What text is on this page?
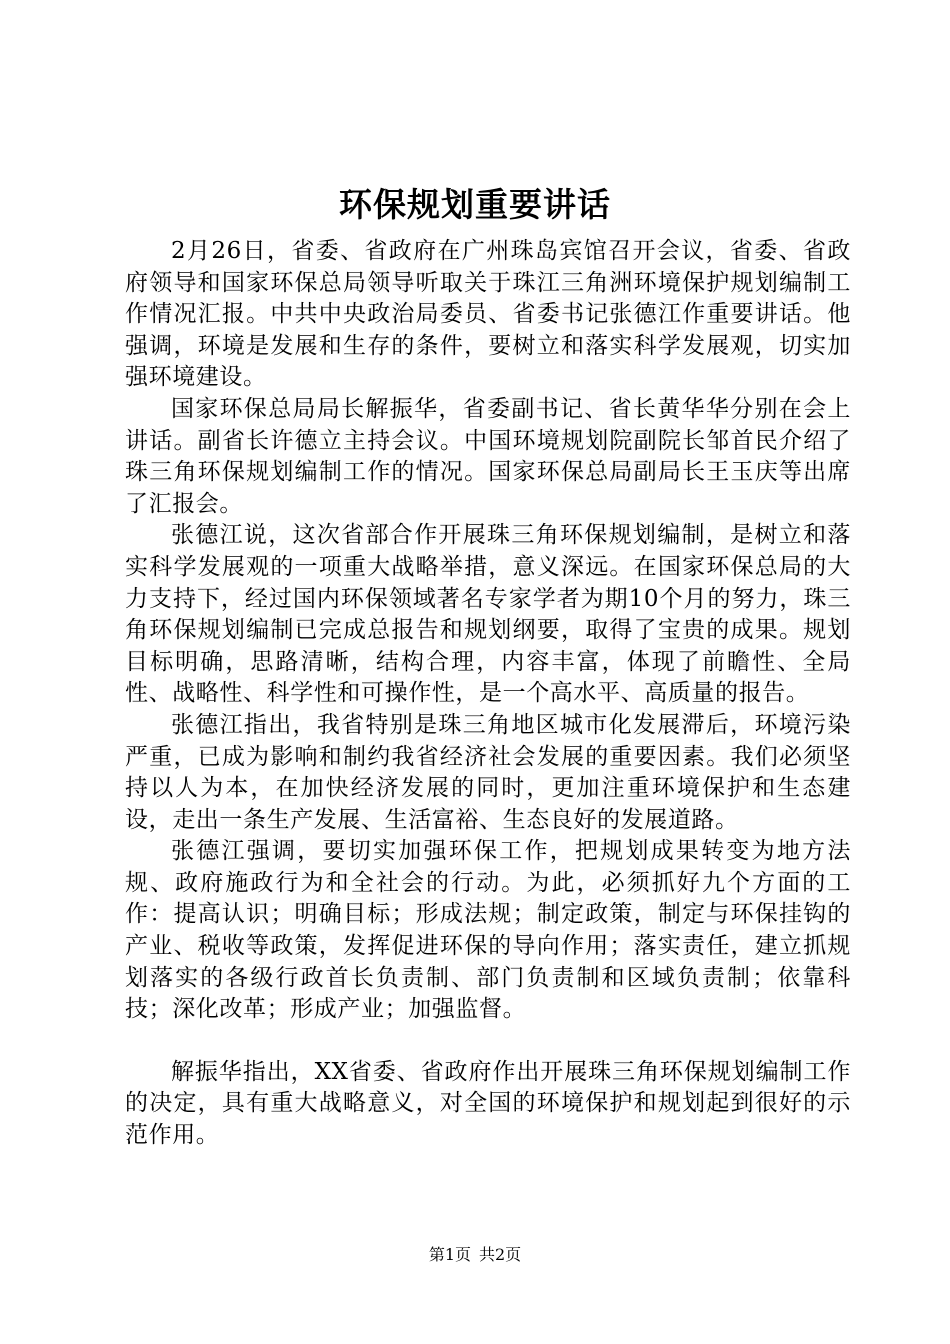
环保规划重要讲话

2月26日，省委、省政府在广州珠岛宾馆召开会议，省委、省政府领导和国家环保总局领导听取关于珠江三角洲环境保护规划编制工作情况汇报。中共中央政治局委员、省委书记张德江作重要讲话。他强调，环境是发展和生存的条件，要树立和落实科学发展观，切实加强环境建设。

国家环保总局局长解振华，省委副书记、省长黄华华分别在会上讲话。副省长许德立主持会议。中国环境规划院副院长邹首民介绍了珠三角环保规划编制工作的情况。国家环保总局副局长王玉庆等出席了汇报会。

张德江说，这次省部合作开展珠三角环保规划编制，是树立和落实科学发展观的一项重大战略举措，意义深远。在国家环保总局的大力支持下，经过国内环保领域著名专家学者为期10个月的努力，珠三角环保规划编制已完成总报告和规划纲要，取得了宝贵的成果。规划目标明确，思路清晰，结构合理，内容丰富，体现了前瞻性、全局性、战略性、科学性和可操作性，是一个高水平、高质量的报告。

张德江指出，我省特别是珠三角地区城市化发展滞后，环境污染严重，已成为影响和制约我省经济社会发展的重要因素。我们必须坚持以人为本，在加快经济发展的同时，更加注重环境保护和生态建设，走出一条生产发展、生活富裕、生态良好的发展道路。

张德江强调，要切实加强环保工作，把规划成果转变为地方法规、政府施政行为和全社会的行动。为此，必须抓好九个方面的工作：提高认识；明确目标；形成法规；制定政策，制定与环保挂钩的产业、税收等政策，发挥促进环保的导向作用；落实责任，建立抓规划落实的各级行政首长负责制、部门负责制和区域负责制；依靠科技；深化改革；形成产业；加强监督。

解振华指出，XX省委、省政府作出开展珠三角环保规划编制工作的决定，具有重大战略意义，对全国的环境保护和规划起到很好的示范作用。

第1页 共2页
